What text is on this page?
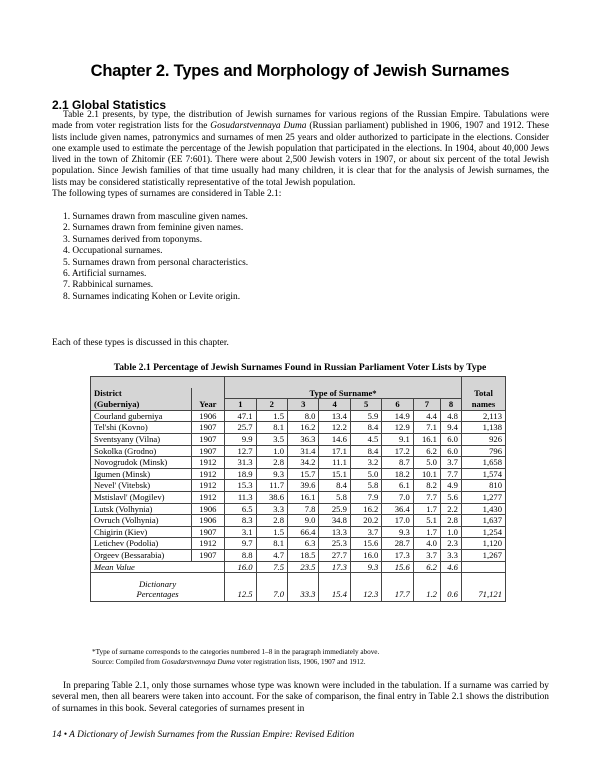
Chapter 2. Types and Morphology of Jewish Surnames
2.1 Global Statistics

Table 2.1 presents, by type, the distribution of Jewish surnames for various regions of the Russian Empire. Tabulations were made from voter registration lists for the Gosudarstvennaya Duma (Russian parliament) published in 1906, 1907 and 1912. These lists include given names, patronymics and surnames of men 25 years and older authorized to participate in the elections. Consider one example used to estimate the percentage of the Jewish population that participated in the elections. In 1904, about 40,000 Jews lived in the town of Zhitomir (EE 7:601). There were about 2,500 Jewish voters in 1907, or about six percent of the total Jewish population. Since Jewish families of that time usually had many children, it is clear that for the analysis of Jewish surnames, the lists may be considered statistically representative of the total Jewish population.
The following types of surnames are considered in Table 2.1:

1. Surnames drawn from masculine given names.
2. Surnames drawn from feminine given names.
3. Surnames derived from toponyms.
4. Occupational surnames.
5. Surnames drawn from personal characteristics.
6. Artificial surnames.
7. Rabbinical surnames.
8. Surnames indicating Kohen or Levite origin.

Each of these types is discussed in this chapter.

Table 2.1 Percentage of Jewish Surnames Found in Russian Parliament Voter Lists by Type

District		Type of Surname*								Total
(Guberniya)	Year	1	2	3	4	5	6	7	8	names
Courland guberniya	1906	47.1	1.5	8.0	13.4	5.9	14.9	4.4	4.8	2,113
Tel'shi (Kovno)	1907	25.7	8.1	16.2	12.2	8.4	12.9	7.1	9.4	1,138
Sventsyany (Vilna)	1907	9.9	3.5	36.3	14.6	4.5	9.1	16.1	6.0	926
Sokolka (Grodno)	1907	12.7	1.0	31.4	17.1	8.4	17.2	6.2	6.0	796
Novogrudok (Minsk)	1912	31.3	2.8	34.2	11.1	3.2	8.7	5.0	3.7	1,658
Igumen (Minsk)	1912	18.9	9.3	15.7	15.1	5.0	18.2	10.1	7.7	1,574
Nevel' (Vitebsk)	1912	15.3	11.7	39.6	8.4	5.8	6.1	8.2	4.9	810
Mstislavl' (Mogilev)	1912	11.3	38.6	16.1	5.8	7.9	7.0	7.7	5.6	1,277
Lutsk (Volhynia)	1906	6.5	3.3	7.8	25.9	16.2	36.4	1.7	2.2	1,430
Ovruch (Volhynia)	1906	8.3	2.8	9.0	34.8	20.2	17.0	5.1	2.8	1,637
Chigirin (Kiev)	1907	3.1	1.5	66.4	13.3	3.7	9.3	1.7	1.0	1,254
Letichev (Podolia)	1912	9.7	8.1	6.3	25.3	15.6	28.7	4.0	2.3	1,120
Orgeev (Bessarabia)	1907	8.8	4.7	18.5	27.7	16.0	17.3	3.7	3.3	1,267
Mean Value		16.0	7.5	23.5	17.3	9.3	15.6	6.2	4.6	

Dictionary
Percentages		12.5	7.0	33.3	15.4	12.3	17.7	1.2	0.6	71,121

*Type of surname corresponds to the categories numbered 1–8 in the paragraph immediately above.

Source: Compiled from Gosudarstvennaya Duma voter registration lists, 1906, 1907 and 1912.

In preparing Table 2.1, only those surnames whose type was known were included in the tabulation. If a surname was carried by several men, then all bearers were taken into account. For the sake of comparison, the final entry in Table 2.1 shows the distribution of surnames in this book. Several categories of surnames present in

14 • A Dictionary of Jewish Surnames from the Russian Empire: Revised Edition
